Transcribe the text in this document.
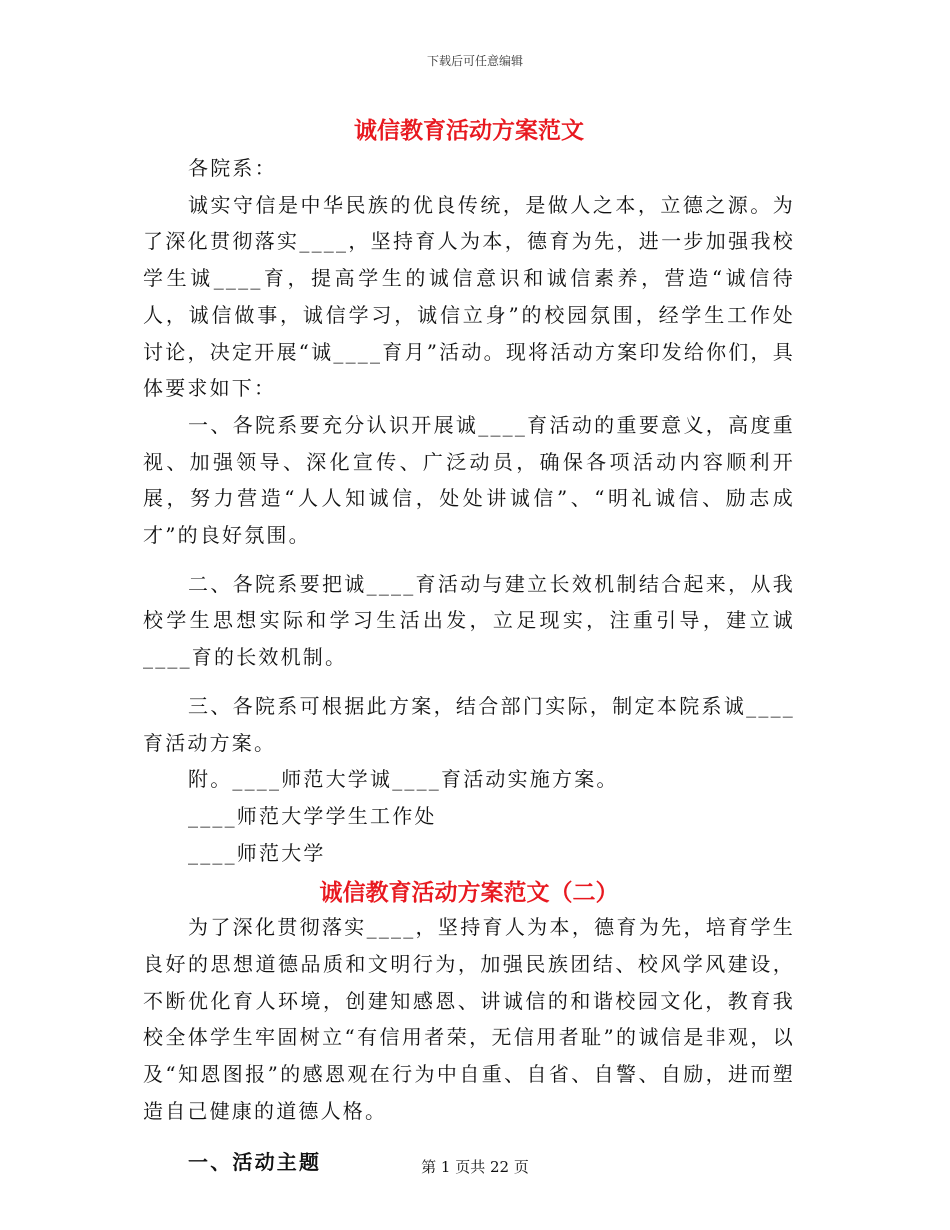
下载后可任意编辑
诚信教育活动方案范文

各院系：

诚实守信是中华民族的优良传统，是做人之本，立德之源。为了深化贯彻落实____，坚持育人为本，德育为先，进一步加强我校学生诚____育，提高学生的诚信意识和诚信素养，营造“诚信待人，诚信做事，诚信学习，诚信立身”的校园氛围，经学生工作处讨论，决定开展“诚____育月”活动。现将活动方案印发给你们，具体要求如下：

一、各院系要充分认识开展诚____育活动的重要意义，高度重视、加强领导、深化宣传、广泛动员，确保各项活动内容顺利开展，努力营造“人人知诚信，处处讲诚信”、“明礼诚信、励志成才”的良好氛围。

二、各院系要把诚____育活动与建立长效机制结合起来，从我校学生思想实际和学习生活出发，立足现实，注重引导，建立诚____育的长效机制。

三、各院系可根据此方案，结合部门实际，制定本院系诚____育活动方案。

附。____师范大学诚____育活动实施方案。

____师范大学学生工作处

____师范大学

诚信教育活动方案范文（二）

为了深化贯彻落实____，坚持育人为本，德育为先，培育学生良好的思想道德品质和文明行为，加强民族团结、校风学风建设，不断优化育人环境，创建知感恩、讲诚信的和谐校园文化，教育我校全体学生牢固树立“有信用者荣，无信用者耻”的诚信是非观，以及“知恩图报”的感恩观在行为中自重、自省、自警、自励，进而塑造自己健康的道德人格。

一、活动主题	第 1 页共 22 页
